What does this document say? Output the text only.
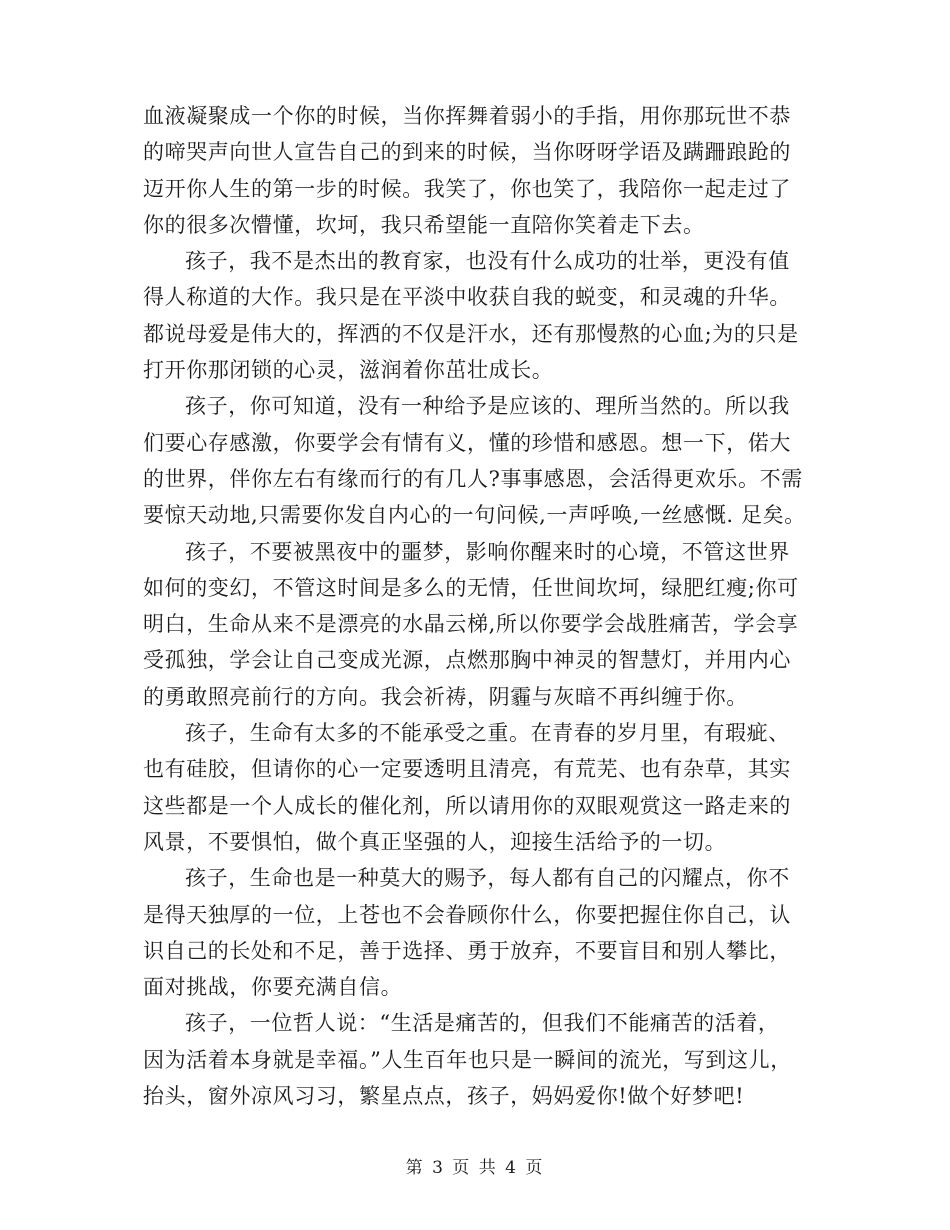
血液凝聚成一个你的时候，当你挥舞着弱小的手指，用你那玩世不恭
的啼哭声向世人宣告自己的到来的时候，当你呀呀学语及蹒跚踉跄的
迈开你人生的第一步的时候。我笑了，你也笑了，我陪你一起走过了
你的很多次懵懂，坎坷，我只希望能一直陪你笑着走下去。
孩子，我不是杰出的教育家，也没有什么成功的壮举，更没有值
得人称道的大作。我只是在平淡中收获自我的蜕变，和灵魂的升华。
都说母爱是伟大的，挥洒的不仅是汗水，还有那慢熬的心血;为的只是
打开你那闭锁的心灵，滋润着你茁壮成长。
孩子，你可知道，没有一种给予是应该的、理所当然的。所以我
们要心存感激，你要学会有情有义，懂的珍惜和感恩。想一下，偌大
的世界，伴你左右有缘而行的有几人?事事感恩，会活得更欢乐。不需
要惊天动地,只需要你发自内心的一句问候,一声呼唤,一丝感慨. 足矣。
孩子，不要被黑夜中的噩梦，影响你醒来时的心境，不管这世界
如何的变幻，不管这时间是多么的无情，任世间坎坷，绿肥红瘦;你可
明白，生命从来不是漂亮的水晶云梯,所以你要学会战胜痛苦，学会享
受孤独，学会让自己变成光源，点燃那胸中神灵的智慧灯，并用内心
的勇敢照亮前行的方向。我会祈祷，阴霾与灰暗不再纠缠于你。
孩子，生命有太多的不能承受之重。在青春的岁月里，有瑕疵、
也有硅胶，但请你的心一定要透明且清亮，有荒芜、也有杂草，其实
这些都是一个人成长的催化剂，所以请用你的双眼观赏这一路走来的
风景，不要惧怕，做个真正坚强的人，迎接生活给予的一切。
孩子，生命也是一种莫大的赐予，每人都有自己的闪耀点，你不
是得天独厚的一位，上苍也不会眷顾你什么，你要把握住你自己，认
识自己的长处和不足，善于选择、勇于放弃，不要盲目和别人攀比，
面对挑战，你要充满自信。
孩子，一位哲人说：“生活是痛苦的，但我们不能痛苦的活着，
因为活着本身就是幸福。”人生百年也只是一瞬间的流光，写到这儿，
抬头，窗外凉风习习，繁星点点，孩子，妈妈爱你!做个好梦吧!
第 3 页 共 4 页
